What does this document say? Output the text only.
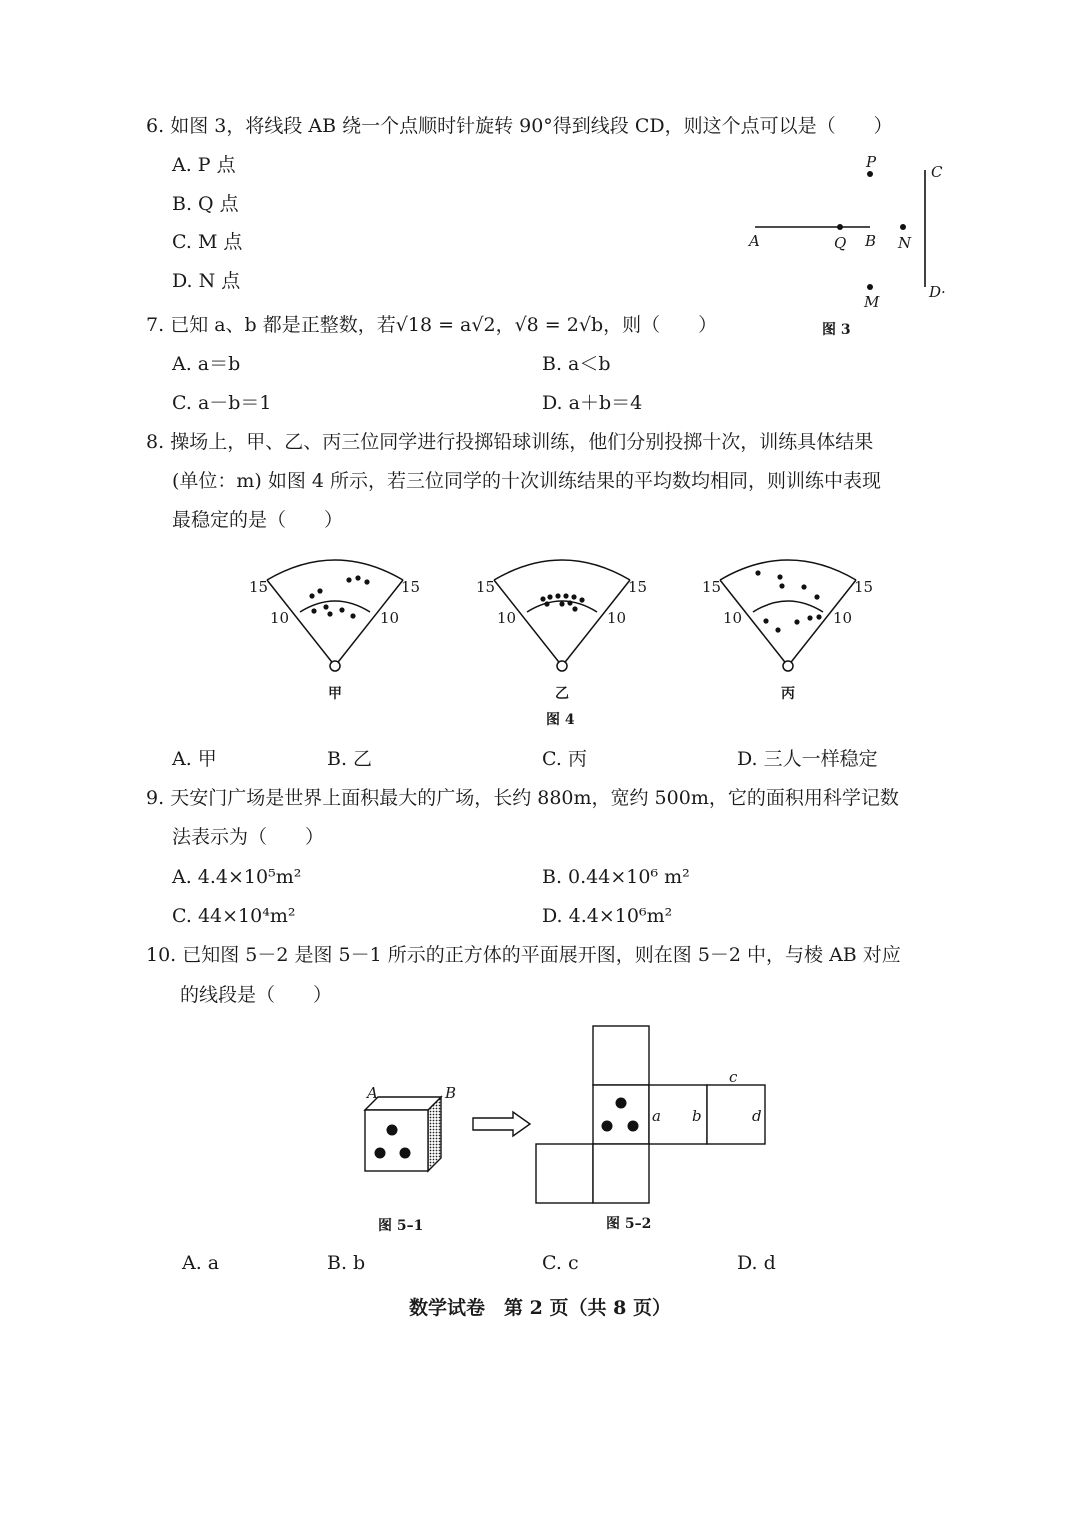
6. 如图 3，将线段 AB 绕一个点顺时针旋转 90°得到线段 CD，则这个点可以是（　　）
A. P 点
B. Q 点
C. M 点
D. N 点
A	Q B N
P
M
C
D·
图 3
7. 已知 a、b 都是正整数，若√18 = a√2，√8 = 2√b，则（　　）
A. a＝b	B. a＜b
C. a－b＝1	D. a＋b＝4
8. 操场上，甲、乙、丙三位同学进行投掷铅球训练，他们分别投掷十次，训练具体结果
(单位：m) 如图 4 所示，若三位同学的十次训练结果的平均数均相同，则训练中表现
最稳定的是（　　）
15	15
10	10
甲
15	15
10	10
乙
15	15
10	10
丙
图 4
A. 甲	B. 乙	C. 丙	D. 三人一样稳定
9. 天安门广场是世界上面积最大的广场，长约 880m，宽约 500m，它的面积用科学记数
法表示为（　　）
A. 4.4×10⁵m²	B. 0.44×10⁶ m²
C. 44×10⁴m²	D. 4.4×10⁶m²
10. 已知图 5－2 是图 5－1 所示的正方体的平面展开图，则在图 5－2 中，与棱 AB 对应
的线段是（　　）
A	B
a b
c
d
图 5–1	图 5–2
A. a	B. b	C. c	D. d
数学试卷　第 2 页（共 8 页）
